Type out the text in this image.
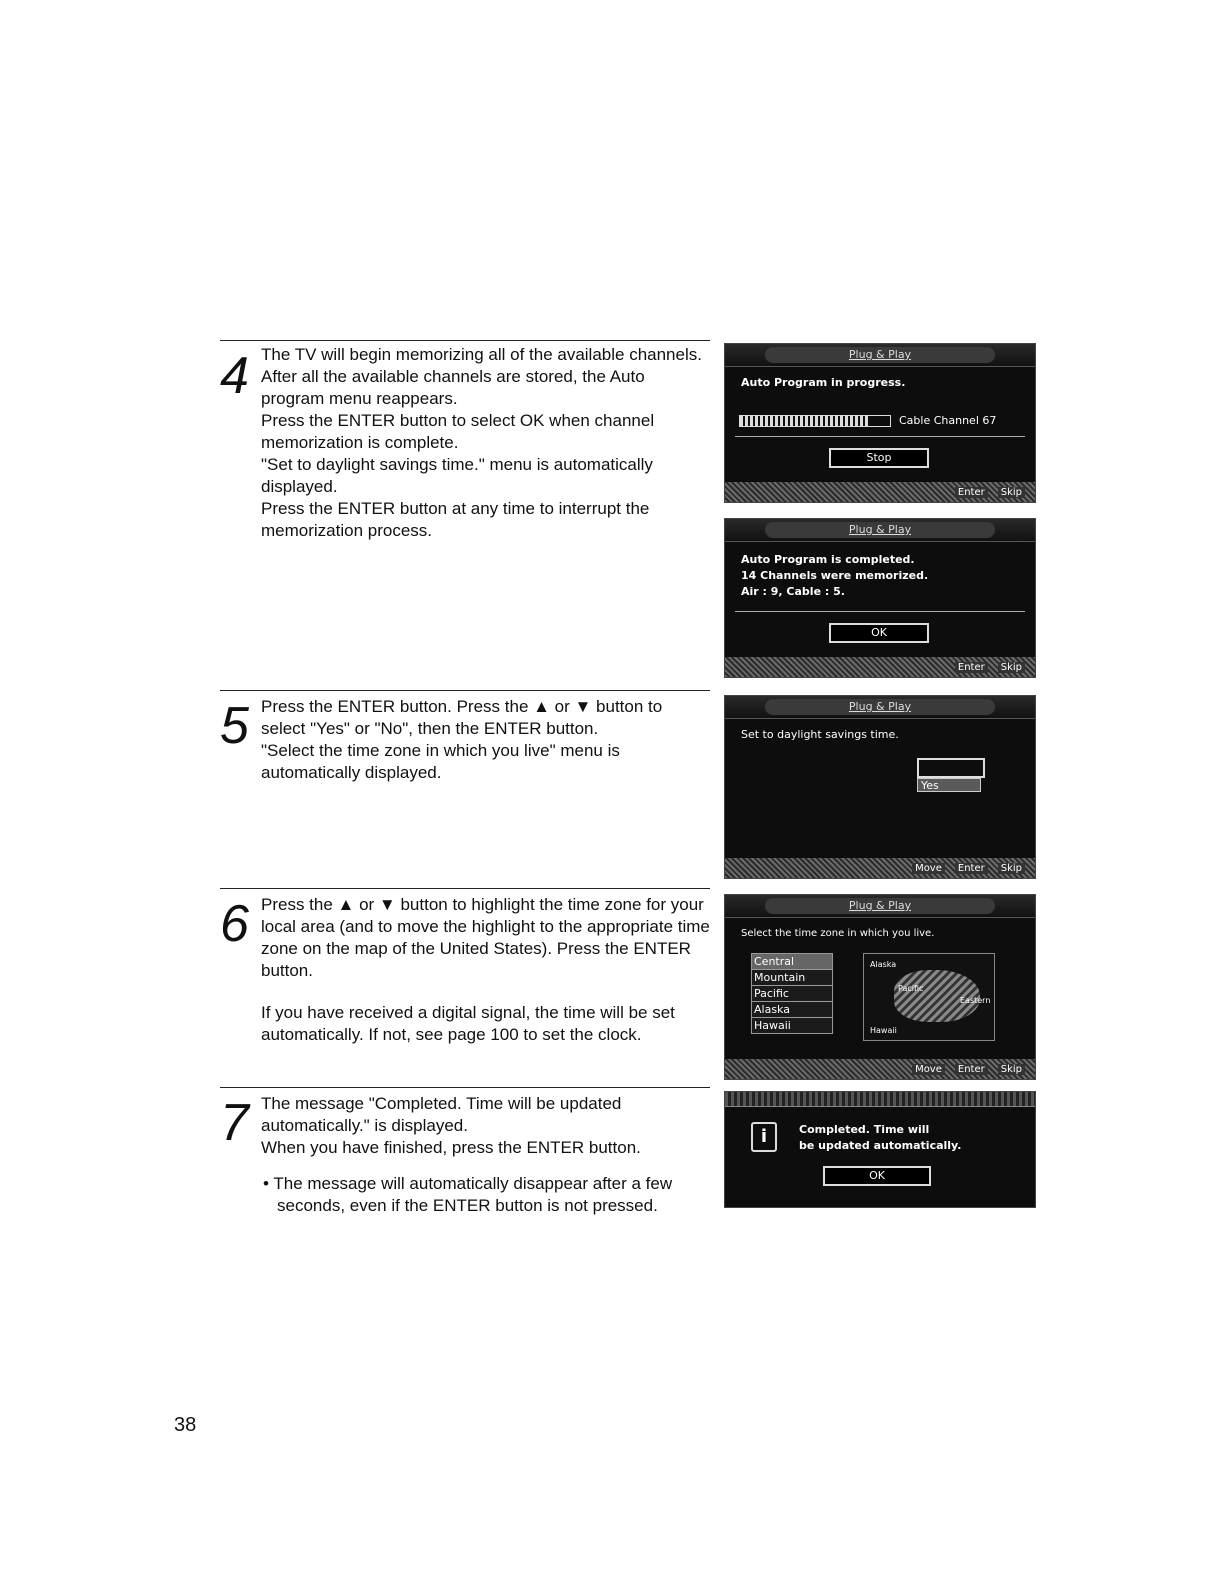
4 The TV will begin memorizing all of the available channels. After all the available channels are stored, the Auto program menu reappears.

Press the ENTER button to select OK when channel memorization is complete.

"Set to daylight savings time." menu is automatically displayed.

Press the ENTER button at any time to interrupt the memorization process.

5 Press the ENTER button. Press the ▲ or ▼ button to select "Yes" or "No", then the ENTER button.

"Select the time zone in which you live" menu is automatically displayed.

6 Press the ▲ or ▼ button to highlight the time zone for your local area (and to move the highlight to the appropriate time zone on the map of the United States). Press the ENTER button.

If you have received a digital signal, the time will be set automatically. If not, see page 100 to set the clock.

7 The message "Completed. Time will be updated automatically." is displayed.

When you have finished, press the ENTER button.

• The message will automatically disappear after a few seconds, even if the ENTER button is not pressed.

Plug & Play
Auto Program in progress.
Cable Channel 67
Stop
Enter	Skip
Plug & Play
Auto Program is completed.
14 Channels were memorized.
Air : 9, Cable : 5.
OK
Enter	Skip
Plug & Play
Set to daylight savings time.
Yes
Move	Enter	Skip
Plug & Play
Select the time zone in which you live.
Central
Mountain
Pacific
Alaska
Hawaii
Alaska
Pacific
Eastern
Hawaii
Move	Enter	Skip
i	Completed. Time will
be updated automatically.
OK
38
